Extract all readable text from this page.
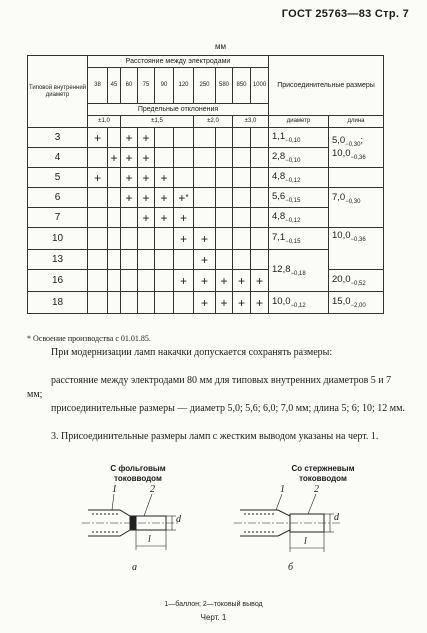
ГОСТ 25763—83 Стр. 7
мм
Типовой внутренний диаметр	Расстояние между электродами										Присоединительные размеры	
	38	45	60	75	90	120	250	580	850	1000		
	Предельные отклонения											
	±1,0		±1,5				±2,0		±3,0		диаметр	длина
3	+		+	+							$1,1_{-0,10}$	$5,0_{-0,30}$;
$10,0_{-0,36}$
4		+	+	+							$2,8_{-0,10}$
5	+		+	+	+						$4,8_{-0,12}$	
6			+	+	+	+*					$5,6_{-0,15}$	$7,0_{-0,30}$
7				+	+	+					$4,8_{-0,12}$
10						+	+				$7,1_{-0,15}$	$10,0_{-0,36}$
13							+				$12,8_{-0,18}$
16						+	+	+	+	+		$20,0_{-0,52}$
18							+	+	+	+	$10,0_{-0,12}$	$15,0_{-2,00}$
* Освоение производства с 01.01.85.
При модернизации ламп накачки допускается сохранять размеры:
расстояние между электродами 80 мм для типовых внутренних диаметров 5 и 7 мм;
присоединительные размеры — диаметр 5,0; 5,6; 6,0; 7,0 мм; длина 5; 6; 10; 12 мм.
3. Присоединительные размеры ламп с жестким выводом указаны на черт. 1.
С фольговым токовводом
Со стержневым токовводом
1	2
d
l
а
1	2
d
l
б
1—баллон; 2—токовый вывод
Черт. 1
